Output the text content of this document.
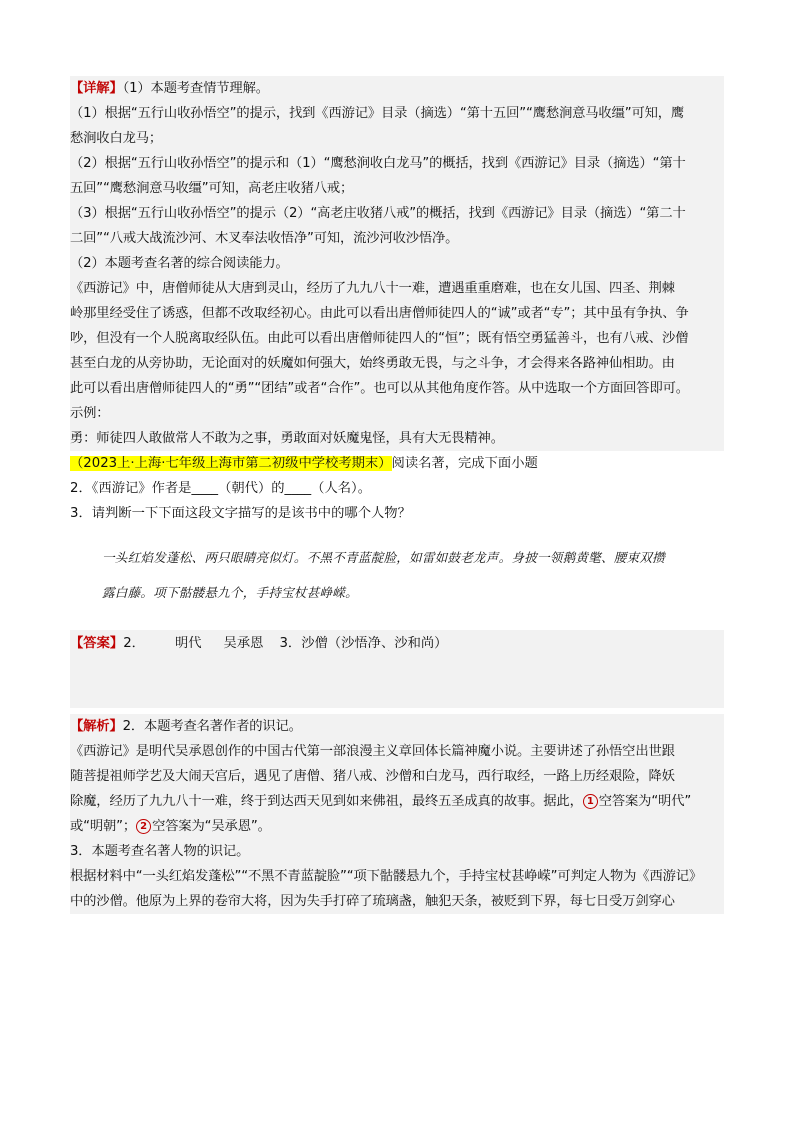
【详解】（1）本题考查情节理解。
（1）根据“五行山收孙悟空”的提示，找到《西游记》目录（摘选）“第十五回”“鹰愁涧意马收缰”可知，鹰
愁涧收白龙马；
（2）根据“五行山收孙悟空”的提示和（1）“鹰愁涧收白龙马”的概括，找到《西游记》目录（摘选）“第十
五回”“鹰愁涧意马收缰”可知，高老庄收猪八戒；
（3）根据“五行山收孙悟空”的提示（2）“高老庄收猪八戒”的概括，找到《西游记》目录（摘选）“第二十
二回”“八戒大战流沙河、木叉奉法收悟净”可知，流沙河收沙悟净。
（2）本题考查名著的综合阅读能力。
《西游记》中，唐僧师徒从大唐到灵山，经历了九九八十一难，遭遇重重磨难，也在女儿国、四圣、荆棘
岭那里经受住了诱惑，但都不改取经初心。由此可以看出唐僧师徒四人的“诚”或者“专”；其中虽有争执、争
吵，但没有一个人脱离取经队伍。由此可以看出唐僧师徒四人的“恒”；既有悟空勇猛善斗，也有八戒、沙僧
甚至白龙的从旁协助，无论面对的妖魔如何强大，始终勇敢无畏，与之斗争，才会得来各路神仙相助。由
此可以看出唐僧师徒四人的“勇”“团结”或者“合作”。也可以从其他角度作答。从中选取一个方面回答即可。
示例：
勇：师徒四人敢做常人不敢为之事，勇敢面对妖魔鬼怪，具有大无畏精神。
（2023上·上海·七年级上海市第二初级中学校考期末）阅读名著，完成下面小题
2．《西游记》作者是____（朝代）的____（人名）。
3．请判断一下下面这段文字描写的是该书中的哪个人物？
一头红焰发蓬松、两只眼睛亮似灯。不黑不青蓝靛脸，如雷如鼓老龙声。身披一领鹅黄氅、腰束双攒
露白藤。项下骷髅悬九个，手持宝杖甚峥嵘。
【答案】2． 明代 吴承恩 3．沙僧（沙悟净、沙和尚）
【解析】2．本题考查名著作者的识记。
《西游记》是明代吴承恩创作的中国古代第一部浪漫主义章回体长篇神魔小说。主要讲述了孙悟空出世跟
随菩提祖师学艺及大闹天宫后，遇见了唐僧、猪八戒、沙僧和白龙马，西行取经，一路上历经艰险，降妖
除魔，经历了九九八十一难，终于到达西天见到如来佛祖，最终五圣成真的故事。据此， 1 空答案为“明代”
或“明朝”； 2 空答案为“吴承恩”。
3．本题考查名著人物的识记。
根据材料中“一头红焰发蓬松”“不黑不青蓝靛脸”“项下骷髅悬九个，手持宝杖甚峥嵘”可判定人物为《西游记》
中的沙僧。他原为上界的卷帘大将，因为失手打碎了琉璃盏，触犯天条，被贬到下界，每七日受万剑穿心
